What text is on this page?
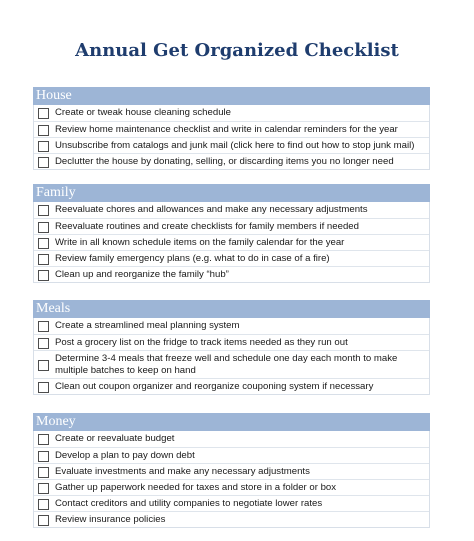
Annual Get Organized Checklist
House
Create or tweak house cleaning schedule
Review home maintenance checklist and write in calendar reminders for the year
Unsubscribe from catalogs and junk mail (click here to find out how to stop junk mail)
Declutter the house by donating, selling, or discarding items you no longer need
Family
Reevaluate chores and allowances and make any necessary adjustments
Reevaluate routines and create checklists for family members if needed
Write in all known schedule items on the family calendar for the year
Review family emergency plans (e.g. what to do in case of a fire)
Clean up and reorganize the family “hub”
Meals
Create a streamlined meal planning system
Post a grocery list on the fridge to track items needed as they run out
Determine 3-4 meals that freeze well and schedule one day each month to make multiple batches to keep on hand
Clean out coupon organizer and reorganize couponing system if necessary
Money
Create or reevaluate budget
Develop a plan to pay down debt
Evaluate investments and make any necessary adjustments
Gather up paperwork needed for taxes and store in a folder or box
Contact creditors and utility companies to negotiate lower rates
Review insurance policies
